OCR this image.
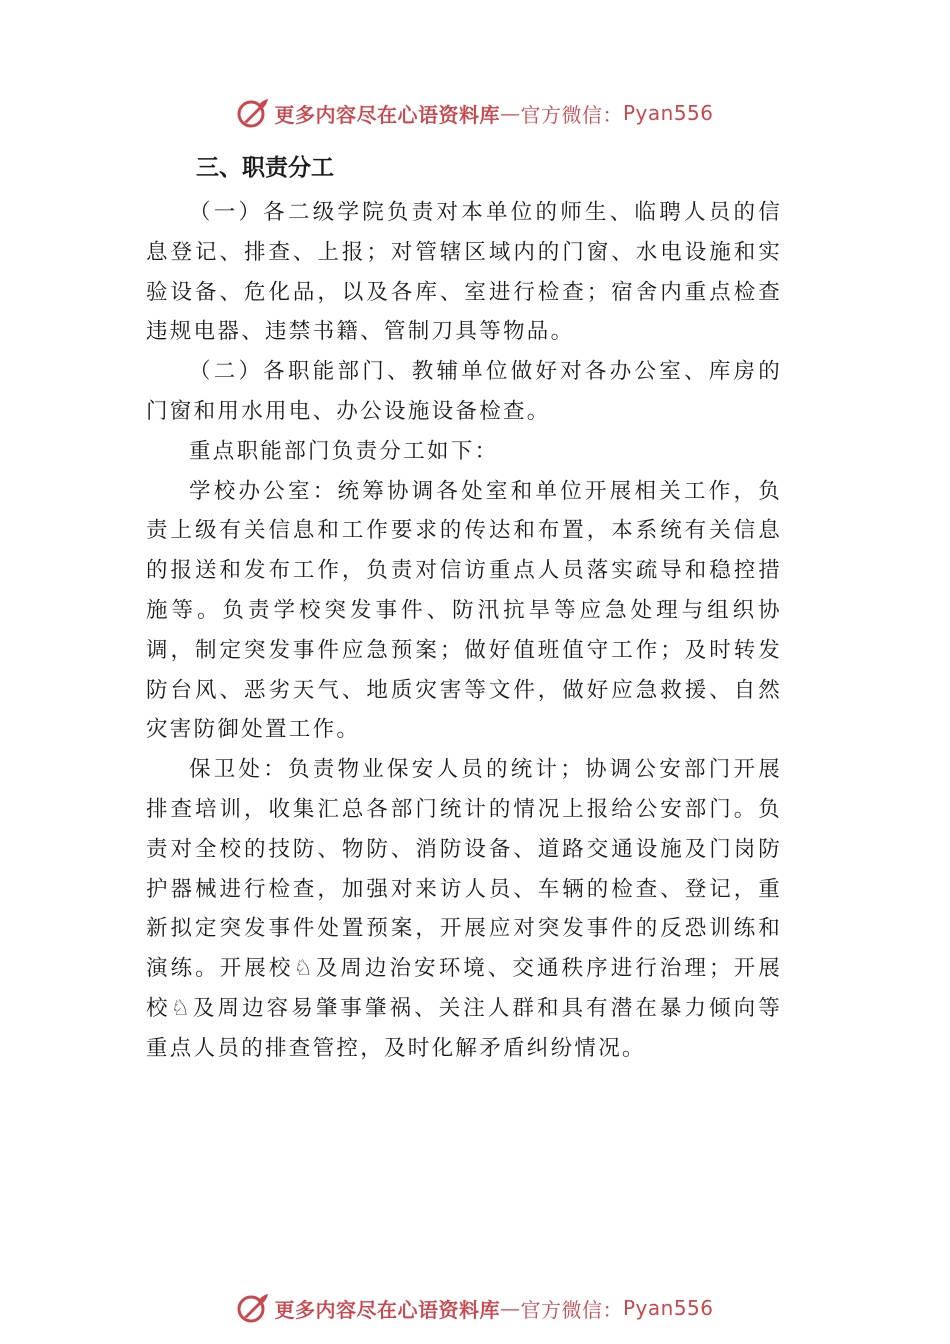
更多内容尽在心语资料库 — 官方微信： Pyan556
三、职责分工

（一）各二级学院负责对本单位的师生、临聘人员的信息登记、排查、上报；对管辖区域内的门窗、水电设施和实验设备、危化品，以及各库、室进行检查；宿舍内重点检查违规电器、违禁书籍、管制刀具等物品。

（二）各职能部门、教辅单位做好对各办公室、库房的门窗和用水用电、办公设施设备检查。

重点职能部门负责分工如下：

学校办公室：统筹协调各处室和单位开展相关工作，负责上级有关信息和工作要求的传达和布置，本系统有关信息的报送和发布工作，负责对信访重点人员落实疏导和稳控措施等。负责学校突发事件、防汛抗旱等应急处理与组织协调，制定突发事件应急预案；做好值班值守工作；及时转发防台风、恶劣天气、地质灾害等文件，做好应急救援、自然灾害防御处置工作。

保卫处：负责物业保安人员的统计；协调公安部门开展排查培训，收集汇总各部门统计的情况上报给公安部门。负责对全校的技防、物防、消防设备、道路交通设施及门岗防护器械进行检查，加强对来访人员、车辆的检查、登记，重新拟定突发事件处置预案，开展应对突发事件的反恐训练和演练。开展校♘及周边治安环境、交通秩序进行治理；开展校♘及周边容易肇事肇祸、关注人群和具有潜在暴力倾向等重点人员的排查管控，及时化解矛盾纠纷情况。

更多内容尽在心语资料库 — 官方微信： Pyan556
